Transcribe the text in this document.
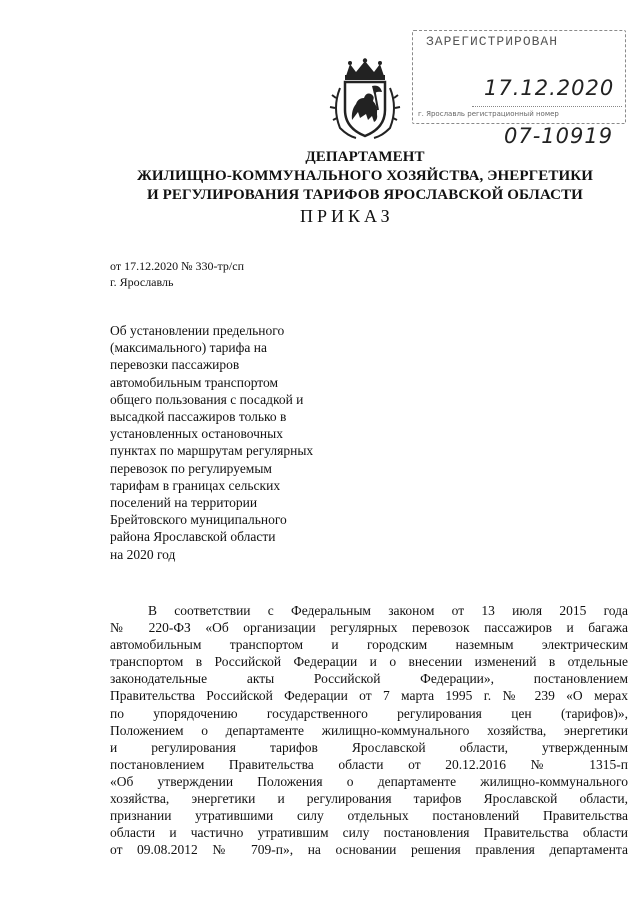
ЗАРЕГИСТРИРОВАН
17.12.2020
г. Ярославль регистрационный номер
07-10919
ДЕПАРТАМЕНТ
ЖИЛИЩНО-КОММУНАЛЬНОГО ХОЗЯЙСТВА, ЭНЕРГЕТИКИ
И РЕГУЛИРОВАНИЯ ТАРИФОВ ЯРОСЛАВСКОЙ ОБЛАСТИ
ПРИКАЗ
от 17.12.2020 № 330-тр/сп
г. Ярославль
Об установлении предельного
(максимального) тарифа на
перевозки пассажиров
автомобильным транспортом
общего пользования с посадкой и
высадкой пассажиров только в
установленных остановочных
пунктах по маршрутам регулярных
перевозок по регулируемым
тарифам в границах сельских
поселений на территории
Брейтовского муниципального
района Ярославской области
на 2020 год
В соответствии с Федеральным законом от 13 июля 2015 года
№ 220-ФЗ «Об организации регулярных перевозок пассажиров и багажа
автомобильным транспортом и городским наземным электрическим
транспортом в Российской Федерации и о внесении изменений в отдельные
законодательные акты Российской Федерации», постановлением
Правительства Российской Федерации от 7 марта 1995 г. № 239 «О мерах
по упорядочению государственного регулирования цен (тарифов)»,
Положением о департаменте жилищно-коммунального хозяйства, энергетики
и регулирования тарифов Ярославской области, утвержденным
постановлением Правительства области от 20.12.2016 № 1315-п
«Об утверждении Положения о департаменте жилищно-коммунального
хозяйства, энергетики и регулирования тарифов Ярославской области,
признании утратившими силу отдельных постановлений Правительства
области и частично утратившим силу постановления Правительства области
от 09.08.2012 № 709-п», на основании решения правления департамента
